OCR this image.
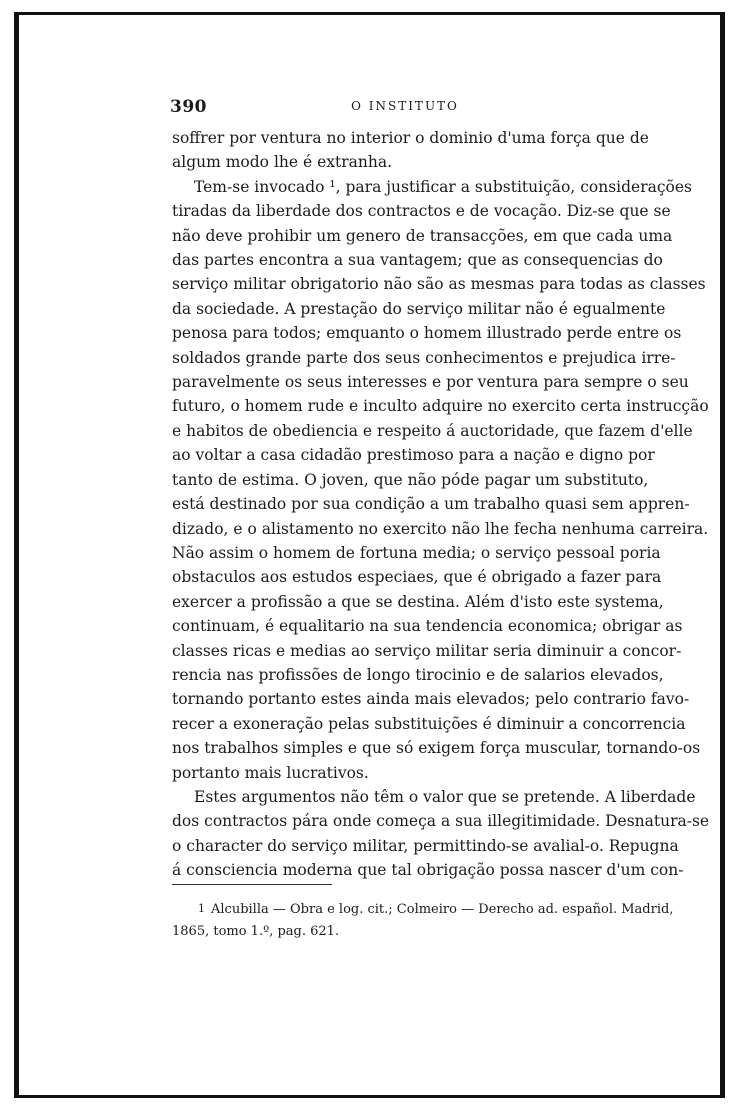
390	O INSTITUTO
soffrer por ventura no interior o dominio d'uma força que de
algum modo lhe é extranha.
Tem-se invocado ¹, para justificar a substituição, considerações
tiradas da liberdade dos contractos e de vocação. Diz-se que se
não deve prohibir um genero de transacções, em que cada uma
das partes encontra a sua vantagem; que as consequencias do
serviço militar obrigatorio não são as mesmas para todas as classes
da sociedade. A prestação do serviço militar não é egualmente
penosa para todos; emquanto o homem illustrado perde entre os
soldados grande parte dos seus conhecimentos e prejudica irre-
paravelmente os seus interesses e por ventura para sempre o seu
futuro, o homem rude e inculto adquire no exercito certa instrucção
e habitos de obediencia e respeito á auctoridade, que fazem d'elle
ao voltar a casa cidadão prestimoso para a nação e digno por
tanto de estima. O joven, que não póde pagar um substituto,
está destinado por sua condição a um trabalho quasi sem appren-
dizado, e o alistamento no exercito não lhe fecha nenhuma carreira.
Não assim o homem de fortuna media; o serviço pessoal poria
obstaculos aos estudos especiaes, que é obrigado a fazer para
exercer a profissão a que se destina. Além d'isto este systema,
continuam, é equalitario na sua tendencia economica; obrigar as
classes ricas e medias ao serviço militar seria diminuir a concor-
rencia nas profissões de longo tirocinio e de salarios elevados,
tornando portanto estes ainda mais elevados; pelo contrario favo-
recer a exoneração pelas substituições é diminuir a concorrencia
nos trabalhos simples e que só exigem força muscular, tornando-os
portanto mais lucrativos.
Estes argumentos não têm o valor que se pretende. A liberdade
dos contractos pára onde começa a sua illegitimidade. Desnatura-se
o character do serviço militar, permittindo-se avalial-o. Repugna
á consciencia moderna que tal obrigação possa nascer d'um con-
1 Alcubilla — Obra e log. cit.; Colmeiro — Derecho ad. español. Madrid,
1865, tomo 1.º, pag. 621.
